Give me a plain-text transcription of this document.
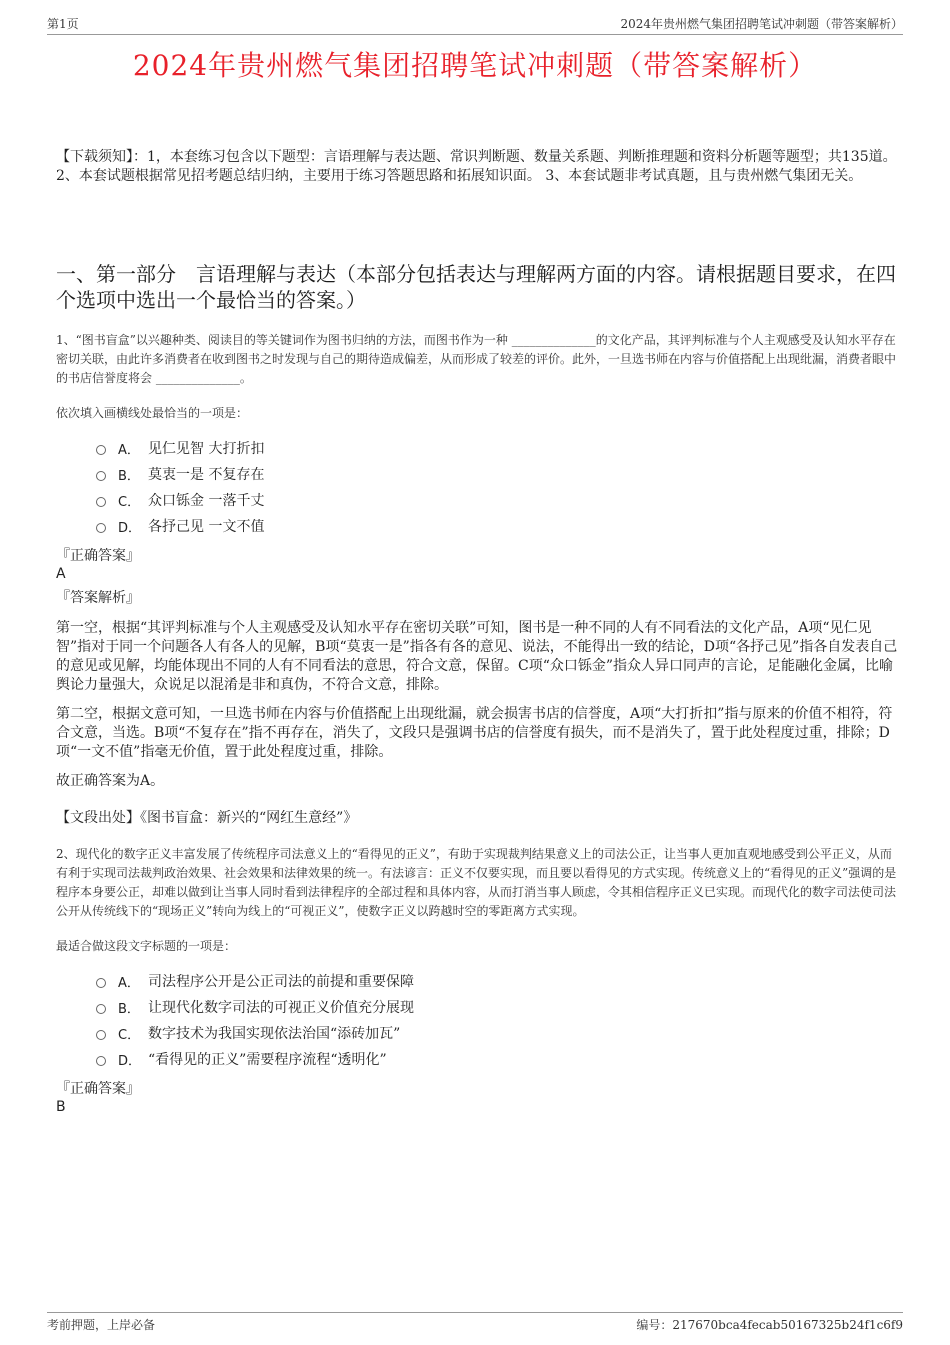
第1页	2024年贵州燃气集团招聘笔试冲刺题（带答案解析）
2024年贵州燃气集团招聘笔试冲刺题（带答案解析）

【下载须知】：1，本套练习包含以下题型：言语理解与表达题、常识判断题、数量关系题、判断推理题和资料分析题等题型；共135道。 2、本套试题根据常见招考题总结归纳，主要用于练习答题思路和拓展知识面。 3、本套试题非考试真题，且与贵州燃气集团无关。

一、第一部分　言语理解与表达（本部分包括表达与理解两方面的内容。请根据题目要求，在四个选项中选出一个最恰当的答案。）

1、“图书盲盒”以兴趣种类、阅读目的等关键词作为图书归纳的方法，而图书作为一种 ______________的文化产品，其评判标准与个人主观感受及认知水平存在密切关联，由此许多消费者在收到图书之时发现与自己的期待造成偏差，从而形成了较差的评价。此外，一旦选书师在内容与价值搭配上出现纰漏，消费者眼中的书店信誉度将会 ______________。

依次填入画横线处最恰当的一项是：

A． 见仁见智 大打折扣
B． 莫衷一是 不复存在
C． 众口铄金 一落千丈
D． 各抒己见 一文不值

『正确答案』

A

『答案解析』

第一空，根据“其评判标准与个人主观感受及认知水平存在密切关联”可知，图书是一种不同的人有不同看法的文化产品，A项“见仁见智”指对于同一个问题各人有各人的见解，B项“莫衷一是”指各有各的意见、说法，不能得出一致的结论，D项“各抒己见”指各自发表自己的意见或见解，均能体现出不同的人有不同看法的意思，符合文意，保留。C项“众口铄金”指众人异口同声的言论，足能融化金属，比喻舆论力量强大，众说足以混淆是非和真伪，不符合文意，排除。

第二空，根据文意可知，一旦选书师在内容与价值搭配上出现纰漏，就会损害书店的信誉度，A项“大打折扣”指与原来的价值不相符，符合文意，当选。B项“不复存在”指不再存在，消失了，文段只是强调书店的信誉度有损失，而不是消失了，置于此处程度过重，排除；D项“一文不值”指毫无价值，置于此处程度过重，排除。

故正确答案为A。

【文段出处】《图书盲盒：新兴的“网红生意经”》

2、现代化的数字正义丰富发展了传统程序司法意义上的“看得见的正义”，有助于实现裁判结果意义上的司法公正，让当事人更加直观地感受到公平正义，从而有利于实现司法裁判政治效果、社会效果和法律效果的统一。有法谚言：正义不仅要实现，而且要以看得见的方式实现。传统意义上的“看得见的正义”强调的是程序本身要公正，却难以做到让当事人同时看到法律程序的全部过程和具体内容，从而打消当事人顾虑，令其相信程序正义已实现。而现代化的数字司法使司法公开从传统线下的“现场正义”转向为线上的“可视正义”，使数字正义以跨越时空的零距离方式实现。

最适合做这段文字标题的一项是：

A． 司法程序公开是公正司法的前提和重要保障
B． 让现代化数字司法的可视正义价值充分展现
C． 数字技术为我国实现依法治国“添砖加瓦”
D． “看得见的正义”需要程序流程“透明化”

『正确答案』

B

考前押题，上岸必备	编号：217670bca4fecab50167325b24f1c6f9
